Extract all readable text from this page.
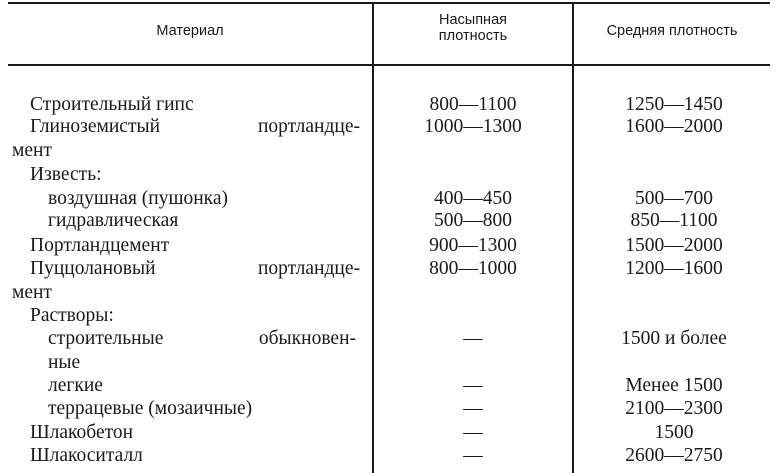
Материал
Насыпная
плотность	Средняя плотность
Строительный гипс	800—1100	1250—1450
Глиноземистый портландце-
мент
1000—1300	1600—2000
Известь:
воздушная (пушонка)	400—450	500—700
гидравлическая	500—800	850—1100
Портландцемент	900—1300	1500—2000
Пуццолановый портландце-
мент
800—1000	1200—1600
Растворы:
строительные обыкновен-
ные
—	1500 и более
легкие	—	Менее 1500
террацевые (мозаичные)	—	2100—2300
Шлакобетон	—	1500
Шлакоситалл	—	2600—2750
